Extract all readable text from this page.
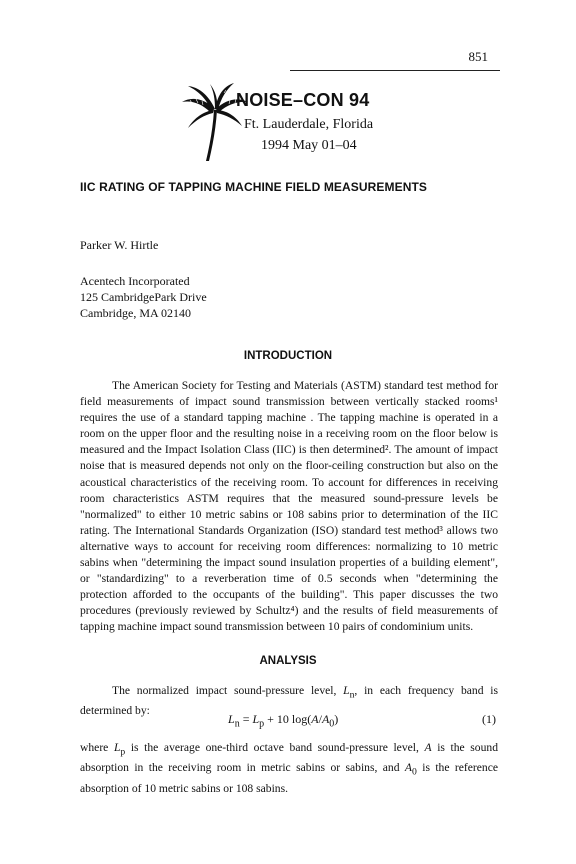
851
NOISE–CON 94
Ft. Lauderdale, Florida
1994 May 01–04
IIC RATING OF TAPPING MACHINE FIELD MEASUREMENTS
Parker W. Hirtle
Acentech Incorporated
125 CambridgePark Drive
Cambridge, MA 02140
INTRODUCTION
The American Society for Testing and Materials (ASTM) standard test method for field measurements of impact sound transmission between vertically stacked rooms¹ requires the use of a standard tapping machine . The tapping machine is operated in a room on the upper floor and the resulting noise in a receiving room on the floor below is measured and the Impact Isolation Class (IIC) is then determined². The amount of impact noise that is measured depends not only on the floor-ceiling construction but also on the acoustical characteristics of the receiving room. To account for differences in receiving room characteristics ASTM requires that the measured sound-pressure levels be "normalized" to either 10 metric sabins or 108 sabins prior to determination of the IIC rating. The International Standards Organization (ISO) standard test method³ allows two alternative ways to account for receiving room differences: normalizing to 10 metric sabins when "determining the impact sound insulation properties of a building element", or "standardizing" to a reverberation time of 0.5 seconds when "determining the protection afforded to the occupants of the building". This paper discusses the two procedures (previously reviewed by Schultz⁴) and the results of field measurements of tapping machine impact sound transmission between 10 pairs of condominium units.
ANALYSIS
The normalized impact sound-pressure level, $L_n$, in each frequency band is determined by:
$L_n = L_p + 10$ $\log(A/A_0)$	(1)
where $L_p$ is the average one-third octave band sound-pressure level, A is the sound absorption in the receiving room in metric sabins or sabins, and $A_0$ is the reference absorption of 10 metric sabins or 108 sabins.
